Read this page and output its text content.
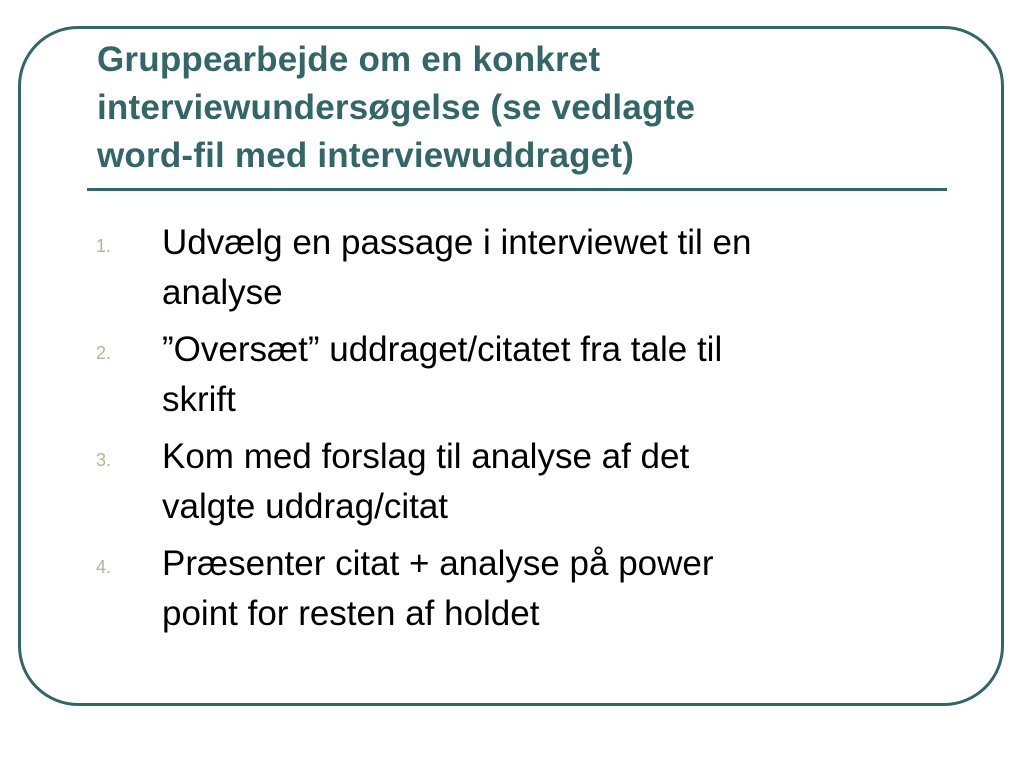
Gruppearbejde om en konkret
interviewundersøgelse (se vedlagte
word-fil med interviewuddraget)
1.	Udvælg en passage i interviewet til en
analyse
2.	”Oversæt” uddraget/citatet fra tale til
skrift
3.	Kom med forslag til analyse af det
valgte uddrag/citat
4.	Præsenter citat + analyse på power
point for resten af holdet
